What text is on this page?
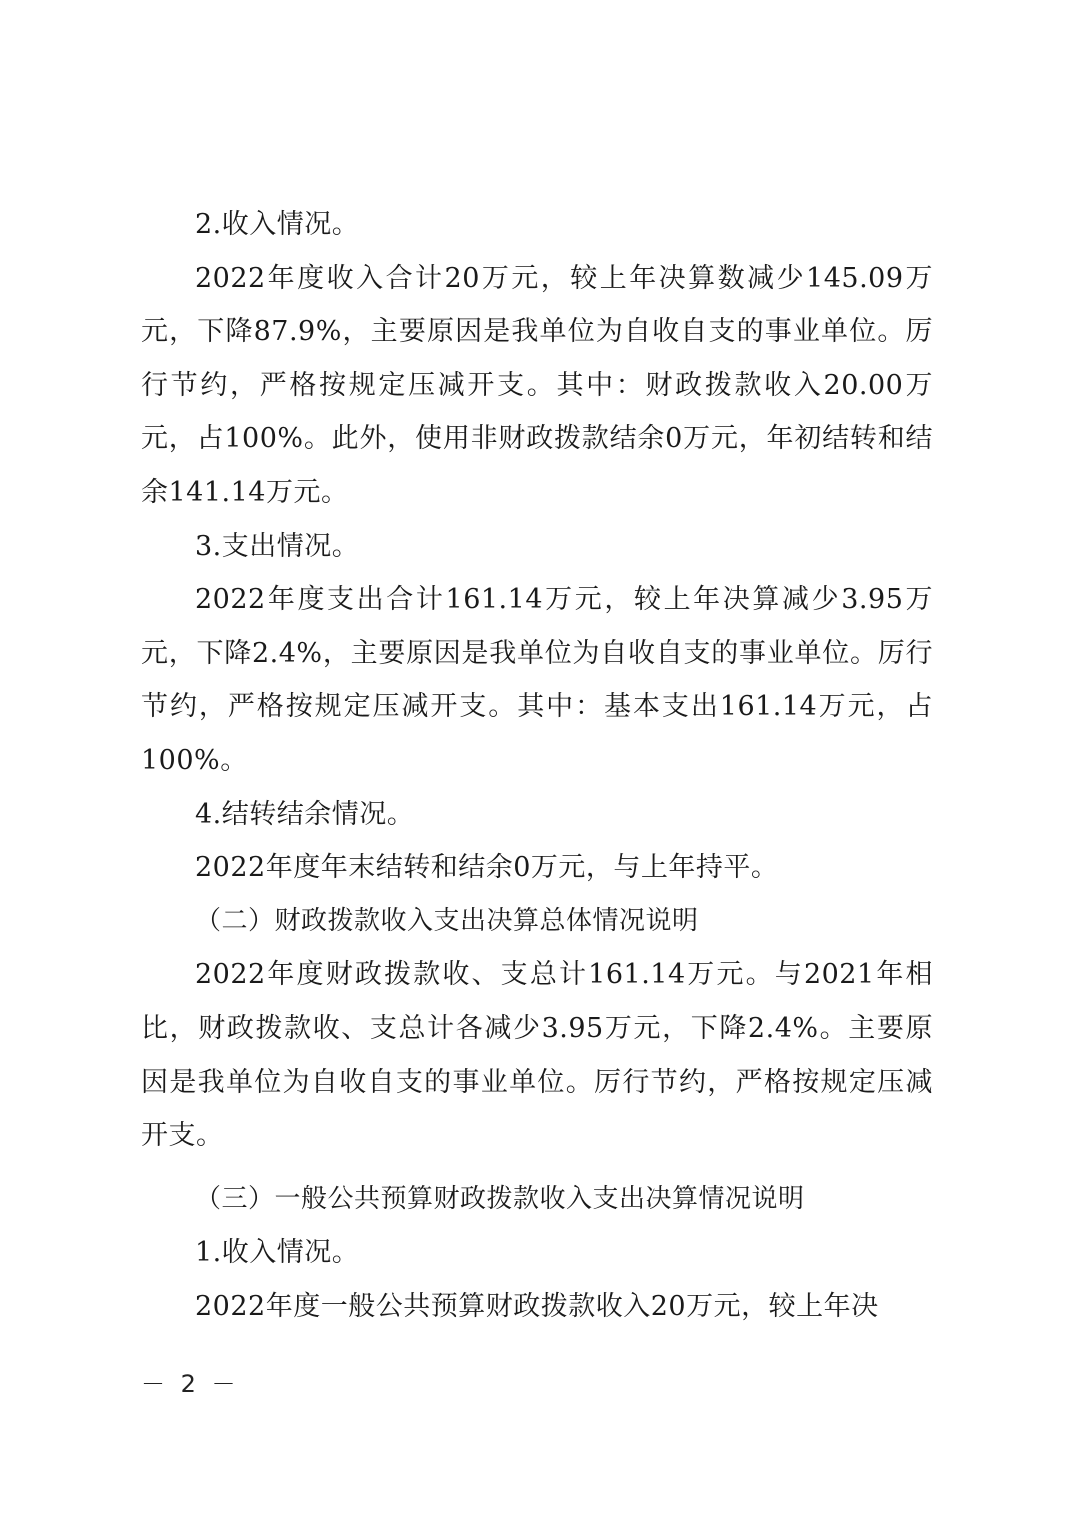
2.收入情况。

2022年度收入合计20万元，较上年决算数减少145.09万元，下降87.9%，主要原因是我单位为自收自支的事业单位。厉行节约，严格按规定压减开支。其中：财政拨款收入20.00万元，占100%。此外，使用非财政拨款结余0万元，年初结转和结余141.14万元。

3.支出情况。

2022年度支出合计161.14万元，较上年决算减少3.95万元，下降2.4%，主要原因是我单位为自收自支的事业单位。厉行节约，严格按规定压减开支。其中：基本支出161.14万元，占100%。

4.结转结余情况。

2022年度年末结转和结余0万元，与上年持平。

（二）财政拨款收入支出决算总体情况说明

2022年度财政拨款收、支总计161.14万元。与2021年相比，财政拨款收、支总计各减少3.95万元，下降2.4%。主要原因是我单位为自收自支的事业单位。厉行节约，严格按规定压减开支。

（三）一般公共预算财政拨款收入支出决算情况说明

1.收入情况。

2022年度一般公共预算财政拨款收入20万元，较上年决

－ 2 －
